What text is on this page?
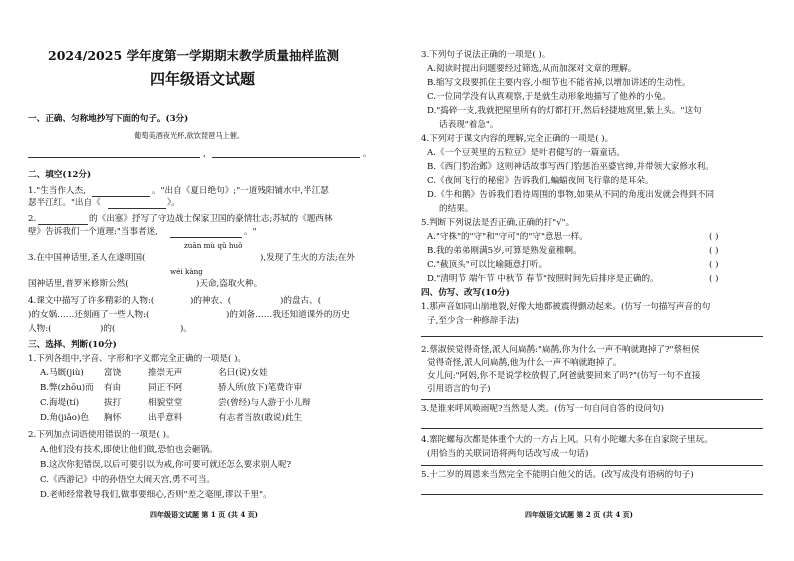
2024/2025 学年度第一学期期末教学质量抽样监测
四年级语文试题
一、正确、匀称地抄写下面的句子。(3分)
葡萄美酒夜光杯,欲饮琵琶马上催。
,	。
二、填空(12分)
1."生当作人杰,	。"出自《夏日绝句》;"一道残阳铺水中,半江瑟
瑟半江红。"出自《	》。
2.	的《出塞》抒写了守边战士保家卫国的豪情壮志;苏轼的《题西林
壁》告诉我们一个道理:"当事者迷,	。"
zuān mù qǔ huǒ
3.在中国神话里,圣人在遂明国(	),发现了生火的方法;在外
wéi kàng
国神话里,普罗米修斯公然(	)天命,盗取火种。
4.课文中描写了许多精彩的人物:(	)的神农、(	)的盘古、(
)的女娲……还刻画了一些人物:(	)的刘备……我还知道课外的历史
人物:(	)的(	)。
三、选择、判断(10分)
1.下列各组中,字音、字形和字义都完全正确的一项是( )。
A.马厩(jiù) 富饶	推崇无声	名曰(说)女娃
B.弊(zhōu)而 有由	同正不阿	骄人所(放下)笔费许审
C.海堤(tí)	拔打	相貌堂堂	尝(曾经)与人游于小儿辩
D.角(jiǎo)色 胸怀	出乎意料	有志者当放(敢说)此生
2.下列加点词语使用错误的一项是( )。
A.他们没有技术,即使让他们做,恐怕也会砸锅。
B.这次你犯错误,以后可要引以为戒,你可要可就还怎么要求别人呢?
C.《西游记》中的孙悟空大闹天宫,勇不可当。
D.老师经常教导我们,做事要细心,否则"差之毫厘,谬以千里"。
四年级语文试题 第 1 页 (共 4 页)
3.下列句子说法正确的一项是( )。
A.阅读时提出问题要经过筛选,从而加深对文章的理解。
B.缩写文段要抓住主要内容,小细节也不能省掉,以增加讲述的生动性。
C.一位同学没有认真观察,于是就生动形象地描写了他养的小兔。
D."捣碎一支,我就把屋里所有的灯都打开,然后轻捷地窝里,紫上头。"这句
话表现"着急"。
4.下列对于课文内容的理解,完全正确的一项是( )。
A.《一个豆荚里的五粒豆》是叶君健写的一篇童话。
B.《西门豹治邺》这则神话故事写西门豹惩治巫婆官绅,并带领大家修水利。
C.《夜间飞行的秘密》告诉我们,蝙蝠夜间飞行靠的是耳朵。
D.《牛和鹅》告诉我们看待周围的事物,如果从不同的角度出发就会得到不同
的结果。
5.判断下列说法是否正确,正确的打"√"。
A."守株"的"守"和"守可"的"守"意思一样。	( )
B.我的弟弟刚满5岁,可算是熟发童稚啊。	( )
C."截顶头"可以比喻随意打听。	( )
D."清明节 端午节 中秋节 春节"按照时间先后排序是正确的。	( )
四、仿写、改写(10分)
1.那声音如同山崩地裂,好像大地都被震得颤动起来。(仿写一句描写声音的句
子,至少含一种修辞手法)
2.蔡淑侯觉得奇怪,派人问扁鹊:"扁鹊,你为什么一声不响就跑掉了?"蔡桓侯
觉得奇怪,派人问扁鹊,他为什么一声不响就跑掉了。
女儿问:"阿妈,你不是说学校放假了,阿爸就要回来了吗?"(仿写一句不直接
引用语言的句子)
3.是谁来呼风唤雨呢?当然是人类。(仿写一句自问自答的设问句)
4.寨陀螺每次都是体重个大的一方占上风。只有小陀螺大多在自家院子里玩。
(用恰当的关联词语将两句话改写成一句话)
5.十二岁的周恩来当然完全不能明白他父的话。(改写成没有语病的句子)
四年级语文试题 第 2 页 (共 4 页)
